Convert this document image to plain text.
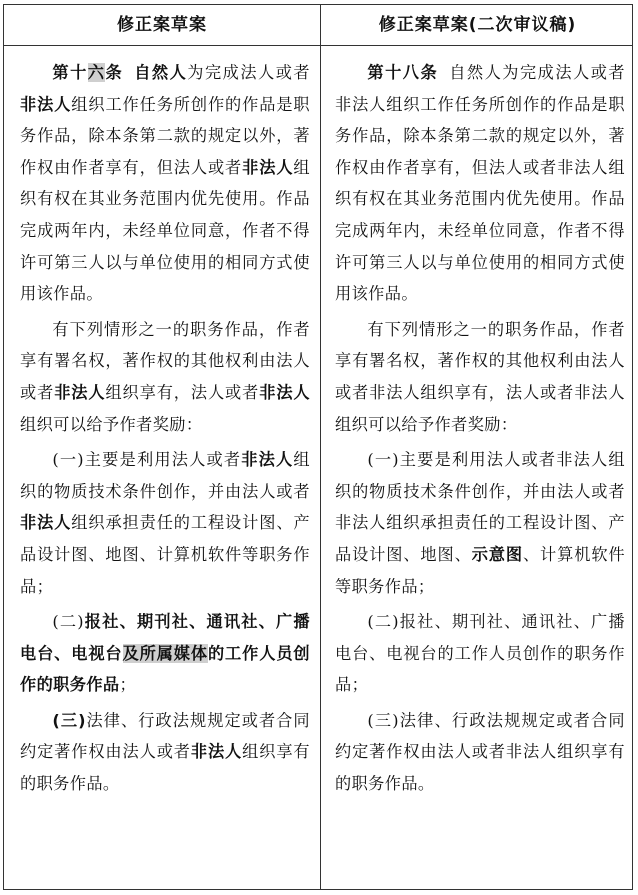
修正案草案	修正案草案(二次审议稿)

第十六条 自然人为完成法人或者非法人组织工作任务所创作的作品是职务作品，除本条第二款的规定以外，著作权由作者享有，但法人或者非法人组织有权在其业务范围内优先使用。作品完成两年内，未经单位同意，作者不得许可第三人以与单位使用的相同方式使用该作品。

有下列情形之一的职务作品，作者享有署名权，著作权的其他权利由法人或者非法人组织享有，法人或者非法人组织可以给予作者奖励：

(一)主要是利用法人或者非法人组织的物质技术条件创作，并由法人或者非法人组织承担责任的工程设计图、产品设计图、地图、计算机软件等职务作品；

(二)报社、期刊社、通讯社、广播电台、电视台及所属媒体的工作人员创作的职务作品；

(三)法律、行政法规规定或者合同约定著作权由法人或者非法人组织享有的职务作品。

第十八条 自然人为完成法人或者非法人组织工作任务所创作的作品是职务作品，除本条第二款的规定以外，著作权由作者享有，但法人或者非法人组织有权在其业务范围内优先使用。作品完成两年内，未经单位同意，作者不得许可第三人以与单位使用的相同方式使用该作品。

有下列情形之一的职务作品，作者享有署名权，著作权的其他权利由法人或者非法人组织享有，法人或者非法人组织可以给予作者奖励：

(一)主要是利用法人或者非法人组织的物质技术条件创作，并由法人或者非法人组织承担责任的工程设计图、产品设计图、地图、示意图、计算机软件等职务作品；

(二)报社、期刊社、通讯社、广播电台、电视台的工作人员创作的职务作品；

(三)法律、行政法规规定或者合同约定著作权由法人或者非法人组织享有的职务作品。
